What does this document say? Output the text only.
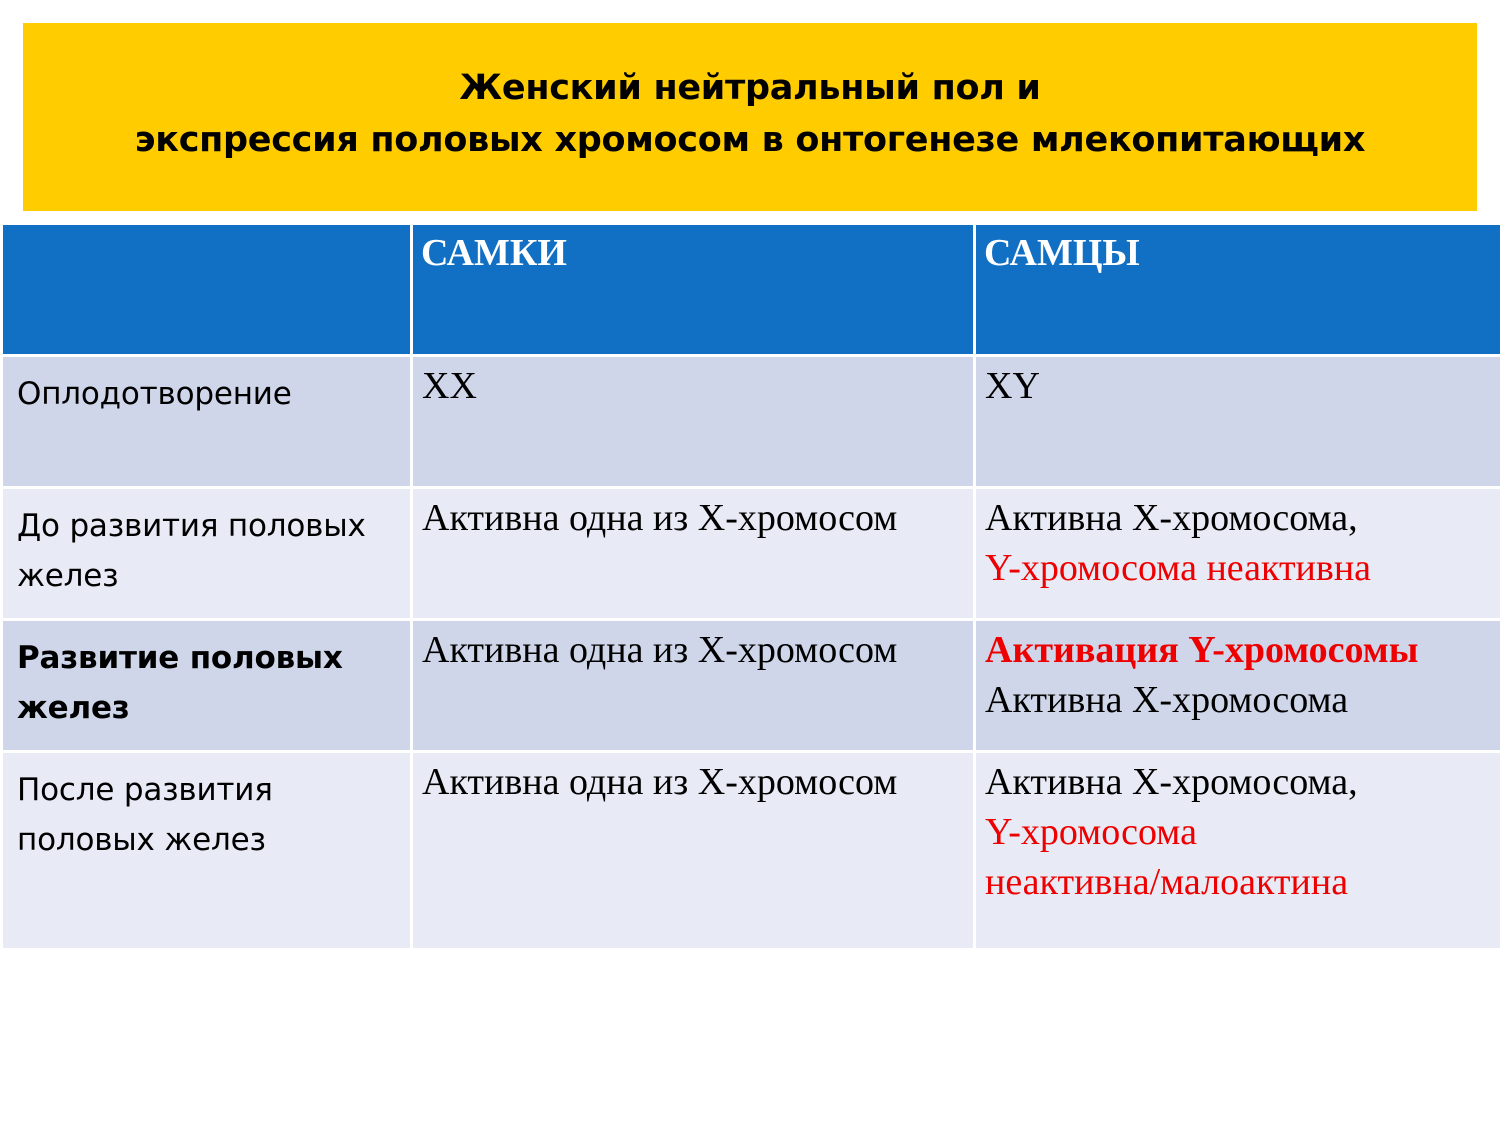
Женский нейтральный пол и
экспрессия половых хромосом в онтогенезе млекопитающих

	САМКИ	САМЦЫ

Оплодотворение	XX	XY

До развития половых желез	Активна одна из Х-хромосом	Активна Х-хромосома,
Y-хромосома неактивна

Развитие половых желез	Активна одна из Х-хромосом	Активация Y-хромосомы
Активна Х-хромосома

После развития половых желез	Активна одна из Х-хромосом	Активна Х-хромосома,
Y-хромосома
неактивна/малоактина
